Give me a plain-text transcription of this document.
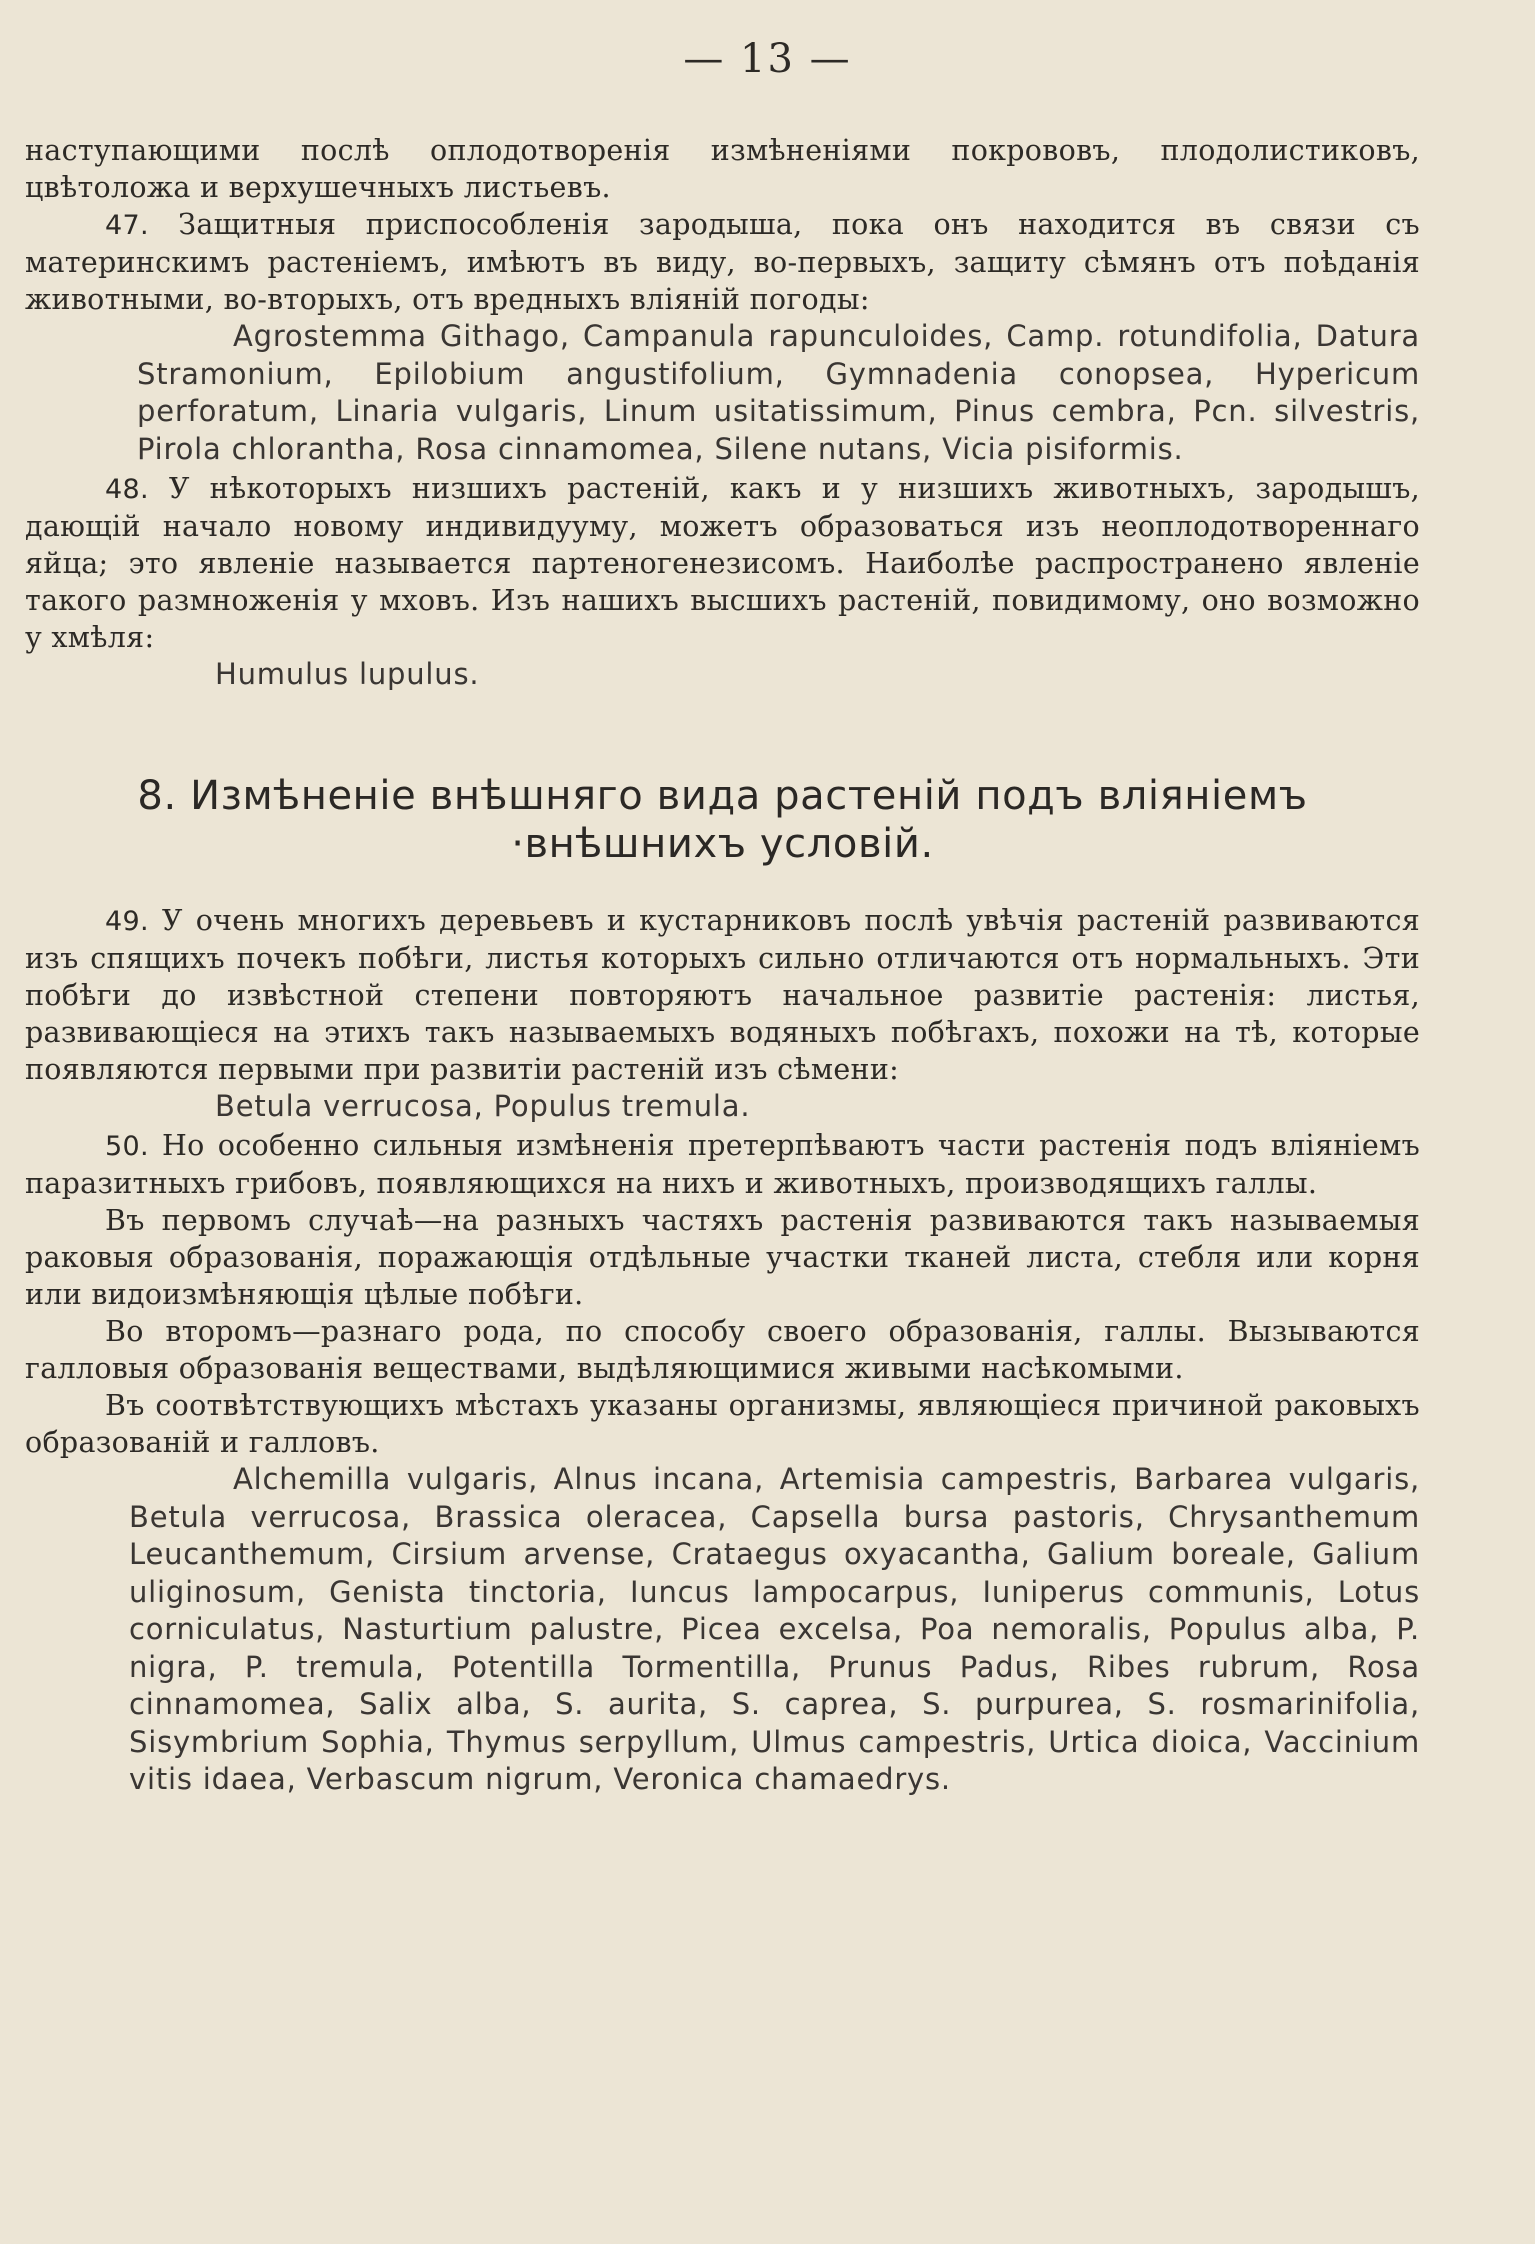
— 13 —

наступающими послѣ оплодотворенія измѣненіями покрововъ, плодолистиковъ, цвѣтоложа и верхушечныхъ листьевъ.

47. Защитныя приспособленія зародыша, пока онъ находится въ связи съ материнскимъ растеніемъ, имѣютъ въ виду, во-первыхъ, защиту сѣмянъ отъ поѣданія животными, во-вторыхъ, отъ вредныхъ вліяній погоды:

Agrostemma Githago, Campanula rapunculoides, Camp. rotundifolia, Datura Stramonium, Epilobium angustifolium, Gymnadenia conopsea, Hypericum perforatum, Linaria vulgaris, Linum usitatissimum, Pinus cembra, Pcn. silvestris, Pirola chlorantha, Rosa cinnamomea, Silene nutans, Vicia pisiformis.

48. У нѣкоторыхъ низшихъ растеній, какъ и у низшихъ животныхъ, зародышъ, дающій начало новому индивидууму, можетъ образоваться изъ неоплодотвореннаго яйца; это явленіе называется партеногенезисомъ. Наиболѣе распространено явленіе такого размноженія у мховъ. Изъ нашихъ высшихъ растеній, повидимому, оно возможно у хмѣля:

Humulus lupulus.

8. Измѣненіе внѣшняго вида растеній подъ вліяніемъ
·внѣшнихъ условій.

49. У очень многихъ деревьевъ и кустарниковъ послѣ увѣчія растеній развиваются изъ спящихъ почекъ побѣги, листья которыхъ сильно отличаются отъ нормальныхъ. Эти побѣги до извѣстной степени повторяютъ начальное развитіе растенія: листья, развивающіеся на этихъ такъ называемыхъ водяныхъ побѣгахъ, похожи на тѣ, которые появляются первыми при развитіи растеній изъ сѣмени:

Betula verrucosa, Populus tremula.

50. Но особенно сильныя измѣненія претерпѣваютъ части растенія подъ вліяніемъ паразитныхъ грибовъ, появляющихся на нихъ и животныхъ, производящихъ галлы.

Въ первомъ случаѣ—на разныхъ частяхъ растенія развиваются такъ называемыя раковыя образованія, поражающія отдѣльные участки тканей листа, стебля или корня или видоизмѣняющія цѣлые побѣги.

Во второмъ—разнаго рода, по способу своего образованія, галлы. Вызываются галловыя образованія веществами, выдѣляющимися живыми насѣкомыми.

Въ соотвѣтствующихъ мѣстахъ указаны организмы, являющіеся причиной раковыхъ образованій и галловъ.

Alchemilla vulgaris, Alnus incana, Artemisia campestris, Barbarea vulgaris, Betula verrucosa, Brassica oleracea, Capsella bursa pastoris, Chrysanthemum Leucanthemum, Cirsium arvense, Crataegus oxyacantha, Galium boreale, Galium uliginosum, Genista tinctoria, Iuncus lampocarpus, Iuniperus communis, Lotus corniculatus, Nasturtium palustre, Picea excelsa, Poa nemoralis, Populus alba, P. nigra, P. tremula, Potentilla Tormentilla, Prunus Padus, Ribes rubrum, Rosa cinnamomea, Salix alba, S. aurita, S. caprea, S. purpurea, S. rosmarinifolia, Sisymbrium Sophia, Thymus serpyllum, Ulmus campestris, Urtica dioica, Vaccinium vitis idaea, Verbascum nigrum, Veronica chamaedrys.
